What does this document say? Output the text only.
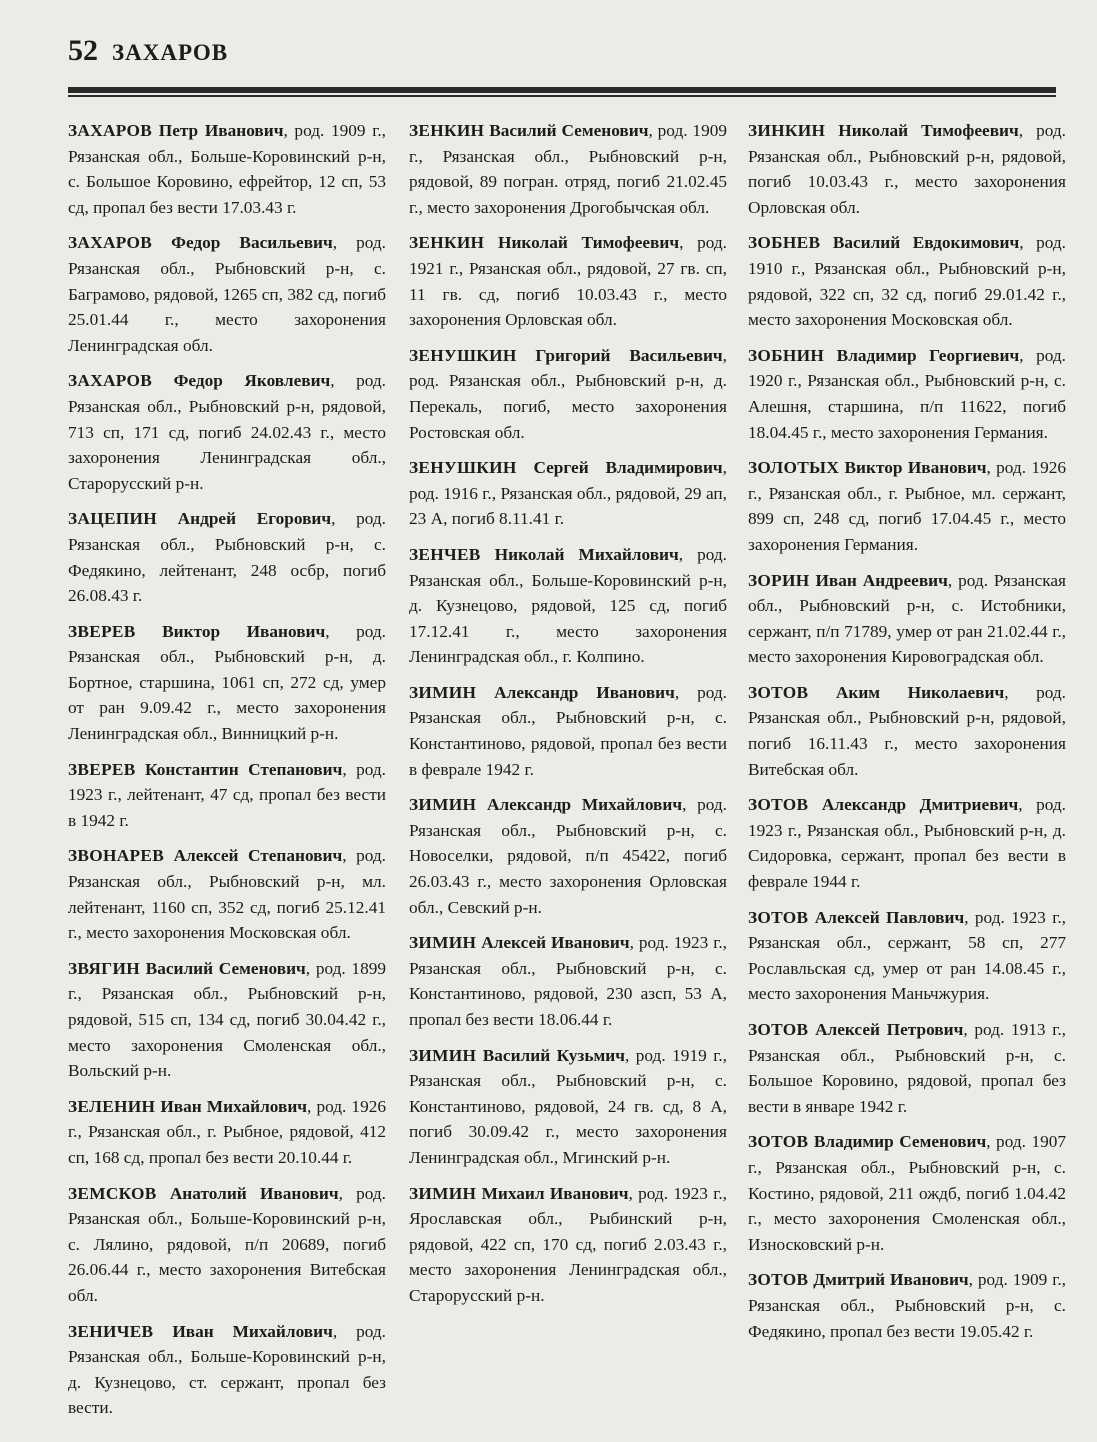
52 ЗАХАРОВ

ЗАХАРОВ Петр Иванович, род. 1909 г., Рязанская обл., Больше-Коровинский р-н, с. Большое Коровино, ефрейтор, 12 сп, 53 сд, пропал без вести 17.03.43 г.

ЗАХАРОВ Федор Васильевич, род. Рязанская обл., Рыбновский р-н, с. Баграмово, рядовой, 1265 сп, 382 сд, погиб 25.01.44 г., место захоронения Ленинградская обл.

ЗАХАРОВ Федор Яковлевич, род. Рязанская обл., Рыбновский р-н, рядовой, 713 сп, 171 сд, погиб 24.02.43 г., место захоронения Ленинградская обл., Старорусский р-н.

ЗАЦЕПИН Андрей Егорович, род. Рязанская обл., Рыбновский р-н, с. Федякино, лейтенант, 248 осбр, погиб 26.08.43 г.

ЗВЕРЕВ Виктор Иванович, род. Рязанская обл., Рыбновский р-н, д. Бортное, старшина, 1061 сп, 272 сд, умер от ран 9.09.42 г., место захоронения Ленинградская обл., Винницкий р-н.

ЗВЕРЕВ Константин Степанович, род. 1923 г., лейтенант, 47 сд, пропал без вести в 1942 г.

ЗВОНАРЕВ Алексей Степанович, род. Рязанская обл., Рыбновский р-н, мл. лейтенант, 1160 сп, 352 сд, погиб 25.12.41 г., место захоронения Московская обл.

ЗВЯГИН Василий Семенович, род. 1899 г., Рязанская обл., Рыбновский р-н, рядовой, 515 сп, 134 сд, погиб 30.04.42 г., место захоронения Смоленская обл., Вольский р-н.

ЗЕЛЕНИН Иван Михайлович, род. 1926 г., Рязанская обл., г. Рыбное, рядовой, 412 сп, 168 сд, пропал без вести 20.10.44 г.

ЗЕМСКОВ Анатолий Иванович, род. Рязанская обл., Больше-Коровинский р-н, с. Лялино, рядовой, п/п 20689, погиб 26.06.44 г., место захоронения Витебская обл.

ЗЕНИЧЕВ Иван Михайлович, род. Рязанская обл., Больше-Коровинский р-н, д. Кузнецово, ст. сержант, пропал без вести.

ЗЕНКИН Василий Семенович, род. 1909 г., Рязанская обл., Рыбновский р-н, рядовой, 89 погран. отряд, погиб 21.02.45 г., место захоронения Дрогобычская обл.

ЗЕНКИН Николай Тимофеевич, род. 1921 г., Рязанская обл., рядовой, 27 гв. сп, 11 гв. сд, погиб 10.03.43 г., место захоронения Орловская обл.

ЗЕНУШКИН Григорий Васильевич, род. Рязанская обл., Рыбновский р-н, д. Перекаль, погиб, место захоронения Ростовская обл.

ЗЕНУШКИН Сергей Владимирович, род. 1916 г., Рязанская обл., рядовой, 29 ап, 23 А, погиб 8.11.41 г.

ЗЕНЧЕВ Николай Михайлович, род. Рязанская обл., Больше-Коровинский р-н, д. Кузнецово, рядовой, 125 сд, погиб 17.12.41 г., место захоронения Ленинградская обл., г. Колпино.

ЗИМИН Александр Иванович, род. Рязанская обл., Рыбновский р-н, с. Константиново, рядовой, пропал без вести в феврале 1942 г.

ЗИМИН Александр Михайлович, род. Рязанская обл., Рыбновский р-н, с. Новоселки, рядовой, п/п 45422, погиб 26.03.43 г., место захоронения Орловская обл., Севский р-н.

ЗИМИН Алексей Иванович, род. 1923 г., Рязанская обл., Рыбновский р-н, с. Константиново, рядовой, 230 азсп, 53 А, пропал без вести 18.06.44 г.

ЗИМИН Василий Кузьмич, род. 1919 г., Рязанская обл., Рыбновский р-н, с. Константиново, рядовой, 24 гв. сд, 8 А, погиб 30.09.42 г., место захоронения Ленинградская обл., Мгинский р-н.

ЗИМИН Михаил Иванович, род. 1923 г., Ярославская обл., Рыбинский р-н, рядовой, 422 сп, 170 сд, погиб 2.03.43 г., место захоронения Ленинградская обл., Старорусский р-н.

ЗИНКИН Николай Тимофеевич, род. Рязанская обл., Рыбновский р-н, рядовой, погиб 10.03.43 г., место захоронения Орловская обл.

ЗОБНЕВ Василий Евдокимович, род. 1910 г., Рязанская обл., Рыбновский р-н, рядовой, 322 сп, 32 сд, погиб 29.01.42 г., место захоронения Московская обл.

ЗОБНИН Владимир Георгиевич, род. 1920 г., Рязанская обл., Рыбновский р-н, с. Алешня, старшина, п/п 11622, погиб 18.04.45 г., место захоронения Германия.

ЗОЛОТЫХ Виктор Иванович, род. 1926 г., Рязанская обл., г. Рыбное, мл. сержант, 899 сп, 248 сд, погиб 17.04.45 г., место захоронения Германия.

ЗОРИН Иван Андреевич, род. Рязанская обл., Рыбновский р-н, с. Истобники, сержант, п/п 71789, умер от ран 21.02.44 г., место захоронения Кировоградская обл.

ЗОТОВ Аким Николаевич, род. Рязанская обл., Рыбновский р-н, рядовой, погиб 16.11.43 г., место захоронения Витебская обл.

ЗОТОВ Александр Дмитриевич, род. 1923 г., Рязанская обл., Рыбновский р-н, д. Сидоровка, сержант, пропал без вести в феврале 1944 г.

ЗОТОВ Алексей Павлович, род. 1923 г., Рязанская обл., сержант, 58 сп, 277 Рославльская сд, умер от ран 14.08.45 г., место захоронения Маньчжурия.

ЗОТОВ Алексей Петрович, род. 1913 г., Рязанская обл., Рыбновский р-н, с. Большое Коровино, рядовой, пропал без вести в январе 1942 г.

ЗОТОВ Владимир Семенович, род. 1907 г., Рязанская обл., Рыбновский р-н, с. Костино, рядовой, 211 ождб, погиб 1.04.42 г., место захоронения Смоленская обл., Износковский р-н.

ЗОТОВ Дмитрий Иванович, род. 1909 г., Рязанская обл., Рыбновский р-н, с. Федякино, пропал без вести 19.05.42 г.
